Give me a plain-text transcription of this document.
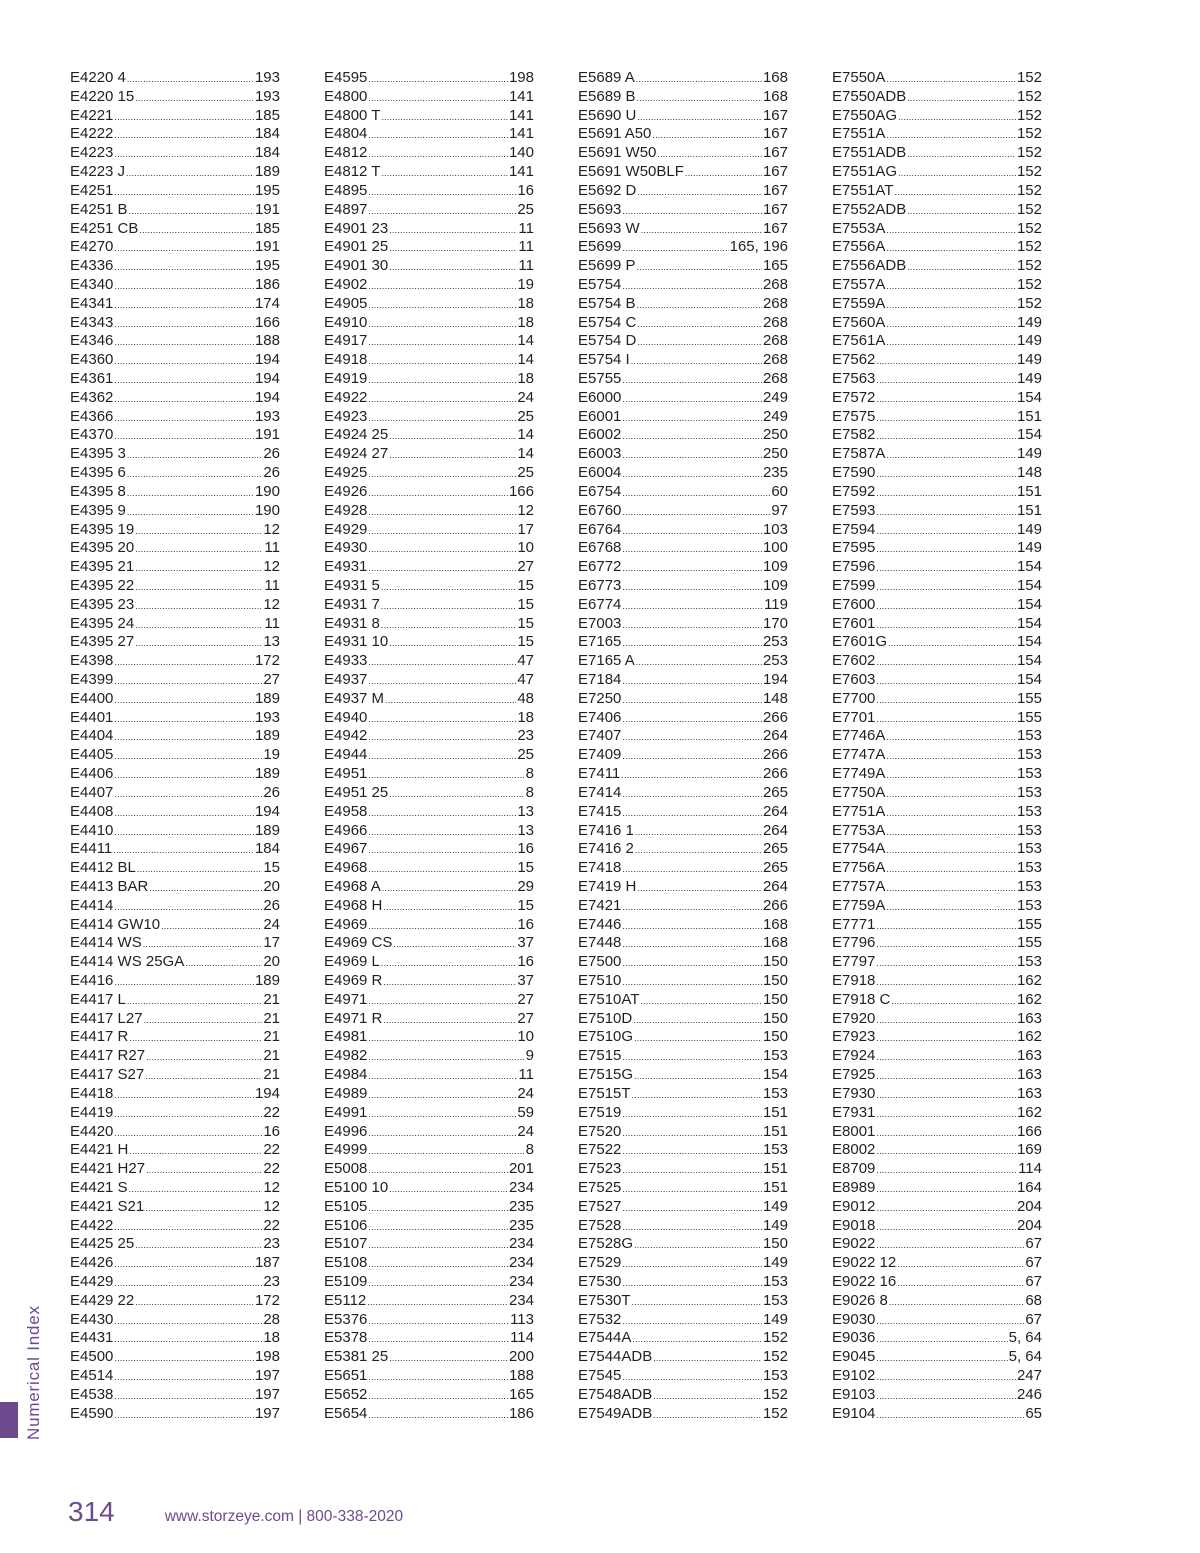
E4220 4 .....	193
E4220 15 .....	193
E4221 .....	185
E4222 .....	184
E4223 .....	184
E4223 J .....	189
E4251 .....	195
E4251 B .....	191
E4251 CB .....	185
E4270 .....	191
E4336 .....	195
E4340 .....	186
E4341 .....	174
E4343 .....	166
E4346 .....	188
E4360 .....	194
E4361 .....	194
E4362 .....	194
E4366 .....	193
E4370 .....	191
E4395 3 .....	26
E4395 6 .....	26
E4395 8 .....	190
E4395 9 .....	190
E4395 19 .....	12
E4395 20 .....	11
E4395 21 .....	12
E4395 22 .....	11
E4395 23 .....	12
E4395 24 .....	11
E4395 27 .....	13
E4398 .....	172
E4399 .....	27
E4400 .....	189
E4401 .....	193
E4404 .....	189
E4405 .....	19
E4406 .....	189
E4407 .....	26
E4408 .....	194
E4410 .....	189
E4411 .....	184
E4412 BL .....	15
E4413 BAR .....	20
E4414 .....	26
E4414 GW10 .....	24
E4414 WS .....	17
E4414 WS 25GA .....	20
E4416 .....	189
E4417 L .....	21
E4417 L27 .....	21
E4417 R .....	21
E4417 R27 .....	21
E4417 S27 .....	21
E4418 .....	194
E4419 .....	22
E4420 .....	16
E4421 H .....	22
E4421 H27 .....	22
E4421 S .....	12
E4421 S21 .....	12
E4422 .....	22
E4425 25 .....	23
E4426 .....	187
E4429 .....	23
E4429 22 .....	172
E4430 .....	28
E4431 .....	18
E4500 .....	198
E4514 .....	197
E4538 .....	197
E4590 .....	197
E4595 .....	198
E4800 .....	141
E4800 T .....	141
E4804 .....	141
E4812 .....	140
E4812 T .....	141
E4895 .....	16
E4897 .....	25
E4901 23 .....	11
E4901 25 .....	11
E4901 30 .....	11
E4902 .....	19
E4905 .....	18
E4910 .....	18
E4917 .....	14
E4918 .....	14
E4919 .....	18
E4922 .....	24
E4923 .....	25
E4924 25 .....	14
E4924 27 .....	14
E4925 .....	25
E4926 .....	166
E4928 .....	12
E4929 .....	17
E4930 .....	10
E4931 .....	27
E4931 5 .....	15
E4931 7 .....	15
E4931 8 .....	15
E4931 10 .....	15
E4933 .....	47
E4937 .....	47
E4937 M .....	48
E4940 .....	18
E4942 .....	23
E4944 .....	25
E4951 .....	8
E4951 25 .....	8
E4958 .....	13
E4966 .....	13
E4967 .....	16
E4968 .....	15
E4968 A .....	29
E4968 H .....	15
E4969 .....	16
E4969 CS .....	37
E4969 L .....	16
E4969 R .....	37
E4971 .....	27
E4971 R .....	27
E4981 .....	10
E4982 .....	9
E4984 .....	11
E4989 .....	24
E4991 .....	59
E4996 .....	24
E4999 .....	8
E5008 .....	201
E5100 10 .....	234
E5105 .....	235
E5106 .....	235
E5107 .....	234
E5108 .....	234
E5109 .....	234
E5112 .....	234
E5376 .....	113
E5378 .....	114
E5381 25 .....	200
E5651 .....	188
E5652 .....	165
E5654 .....	186
E5689 A .....	168
E5689 B .....	168
E5690 U .....	167
E5691 A50 .....	167
E5691 W50 .....	167
E5691 W50BLF .....	167
E5692 D .....	167
E5693 .....	167
E5693 W .....	167
E5699 .....	165, 196
E5699 P .....	165
E5754 .....	268
E5754 B .....	268
E5754 C .....	268
E5754 D .....	268
E5754 I .....	268
E5755 .....	268
E6000 .....	249
E6001 .....	249
E6002 .....	250
E6003 .....	250
E6004 .....	235
E6754 .....	60
E6760 .....	97
E6764 .....	103
E6768 .....	100
E6772 .....	109
E6773 .....	109
E6774 .....	119
E7003 .....	170
E7165 .....	253
E7165 A .....	253
E7184 .....	194
E7250 .....	148
E7406 .....	266
E7407 .....	264
E7409 .....	266
E7411 .....	266
E7414 .....	265
E7415 .....	264
E7416 1 .....	264
E7416 2 .....	265
E7418 .....	265
E7419 H .....	264
E7421 .....	266
E7446 .....	168
E7448 .....	168
E7500 .....	150
E7510 .....	150
E7510AT .....	150
E7510D .....	150
E7510G .....	150
E7515 .....	153
E7515G .....	154
E7515T .....	153
E7519 .....	151
E7520 .....	151
E7522 .....	153
E7523 .....	151
E7525 .....	151
E7527 .....	149
E7528 .....	149
E7528G .....	150
E7529 .....	149
E7530 .....	153
E7530T .....	153
E7532 .....	149
E7544A .....	152
E7544ADB .....	152
E7545 .....	153
E7548ADB .....	152
E7549ADB .....	152
E7550A .....	152
E7550ADB .....	152
E7550AG .....	152
E7551A .....	152
E7551ADB .....	152
E7551AG .....	152
E7551AT .....	152
E7552ADB .....	152
E7553A .....	152
E7556A .....	152
E7556ADB .....	152
E7557A .....	152
E7559A .....	152
E7560A .....	149
E7561A .....	149
E7562 .....	149
E7563 .....	149
E7572 .....	154
E7575 .....	151
E7582 .....	154
E7587A .....	149
E7590 .....	148
E7592 .....	151
E7593 .....	151
E7594 .....	149
E7595 .....	149
E7596 .....	154
E7599 .....	154
E7600 .....	154
E7601 .....	154
E7601G .....	154
E7602 .....	154
E7603 .....	154
E7700 .....	155
E7701 .....	155
E7746A .....	153
E7747A .....	153
E7749A .....	153
E7750A .....	153
E7751A .....	153
E7753A .....	153
E7754A .....	153
E7756A .....	153
E7757A .....	153
E7759A .....	153
E7771 .....	155
E7796 .....	155
E7797 .....	153
E7918 .....	162
E7918 C .....	162
E7920 .....	163
E7923 .....	162
E7924 .....	163
E7925 .....	163
E7930 .....	163
E7931 .....	162
E8001 .....	166
E8002 .....	169
E8709 .....	114
E8989 .....	164
E9012 .....	204
E9018 .....	204
E9022 .....	67
E9022 12 .....	67
E9022 16 .....	67
E9026 8 .....	68
E9030 .....	67
E9036 .....	5, 64
E9045 .....	5, 64
E9102 .....	247
E9103 .....	246
E9104 .....	65
Numerical Index
314	www.storzeye.com | 800-338-2020
